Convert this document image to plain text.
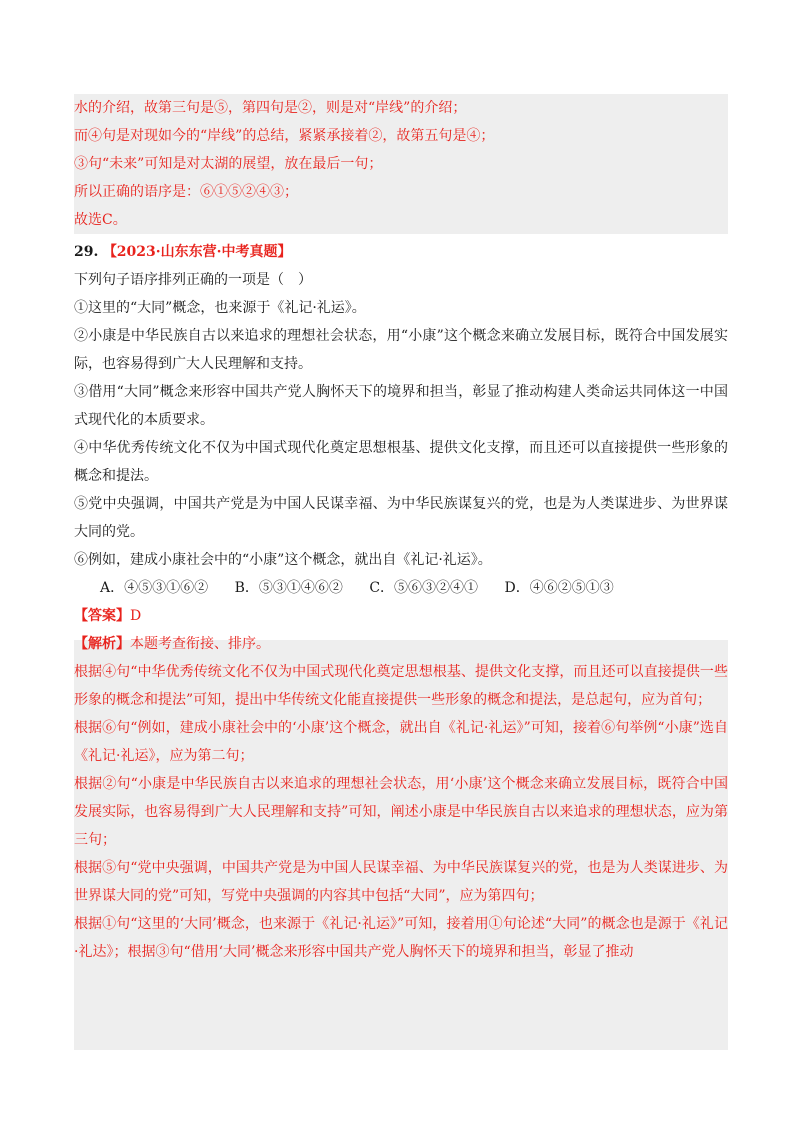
水的介绍，故第三句是⑤，第四句是②，则是对“岸线”的介绍；

而④句是对现如今的“岸线”的总结，紧紧承接着②，故第五句是④；

③句“未来”可知是对太湖的展望，放在最后一句；

所以正确的语序是：⑥①⑤②④③；

故选C。

29. 【2023·山东东营·中考真题】

下列句子语序排列正确的一项是（　）

①这里的“大同”概念，也来源于《礼记·礼运》。

②小康是中华民族自古以来追求的理想社会状态，用“小康”这个概念来确立发展目标，既符合中国发展实际，也容易得到广大人民理解和支持。

③借用“大同”概念来形容中国共产党人胸怀天下的境界和担当，彰显了推动构建人类命运共同体这一中国式现代化的本质要求。

④中华优秀传统文化不仅为中国式现代化奠定思想根基、提供文化支撑，而且还可以直接提供一些形象的概念和提法。

⑤党中央强调，中国共产党是为中国人民谋幸福、为中华民族谋复兴的党，也是为人类谋进步、为世界谋大同的党。

⑥例如，建成小康社会中的“小康”这个概念，就出自《礼记·礼运》。

A．④⑤③①⑥② B．⑤③①④⑥② C．⑤⑥③②④① D．④⑥②⑤①③

【答案】D

【解析】本题考查衔接、排序。

根据④句“中华优秀传统文化不仅为中国式现代化奠定思想根基、提供文化支撑，而且还可以直接提供一些形象的概念和提法”可知，提出中华传统文化能直接提供一些形象的概念和提法，是总起句，应为首句；

根据⑥句“例如，建成小康社会中的‘小康’这个概念，就出自《礼记·礼运》”可知，接着⑥句举例“小康”选自《礼记·礼运》，应为第二句；

根据②句“小康是中华民族自古以来追求的理想社会状态，用‘小康’这个概念来确立发展目标，既符合中国发展实际，也容易得到广大人民理解和支持”可知，阐述小康是中华民族自古以来追求的理想状态，应为第三句；

根据⑤句“党中央强调，中国共产党是为中国人民谋幸福、为中华民族谋复兴的党，也是为人类谋进步、为世界谋大同的党”可知，写党中央强调的内容其中包括“大同”，应为第四句；

根据①句“这里的‘大同’概念，也来源于《礼记·礼运》”可知，接着用①句论述“大同”的概念也是源于《礼记·礼达》；根据③句“借用‘大同’概念来形容中国共产党人胸怀天下的境界和担当，彰显了推动
